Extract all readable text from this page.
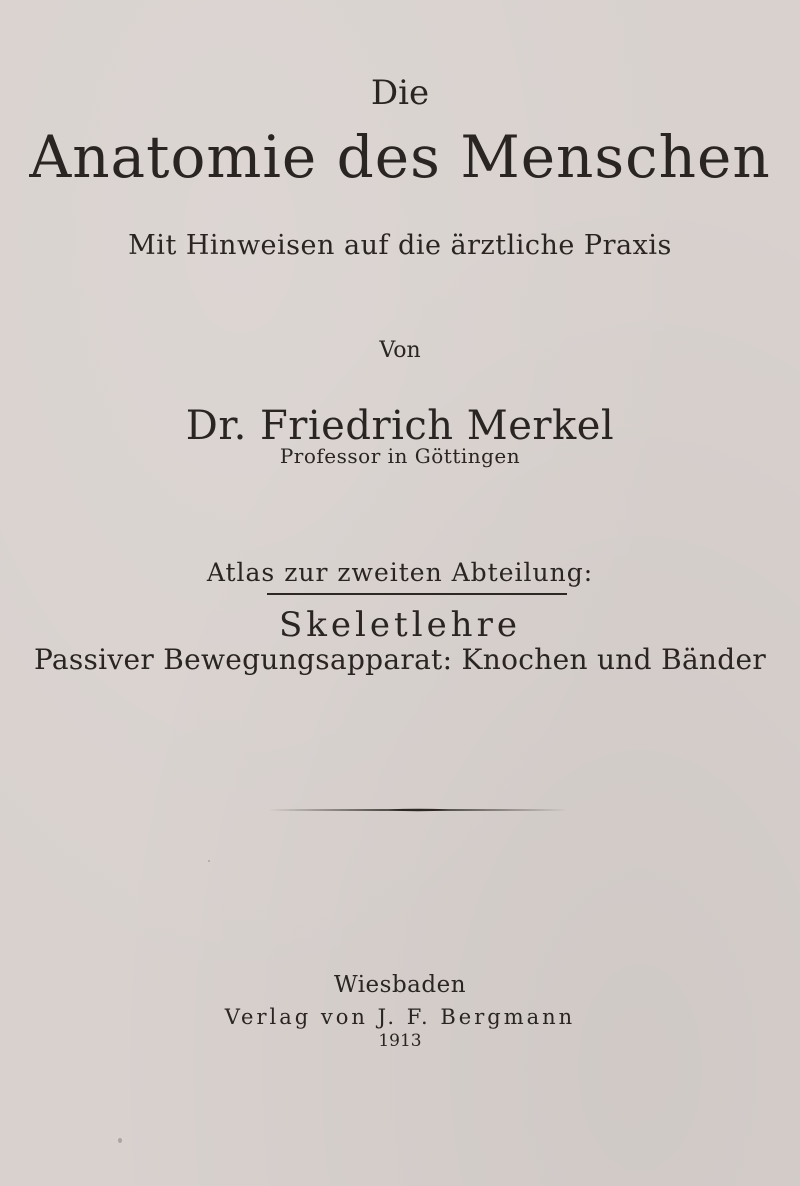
Die
Anatomie des Menschen
Mit Hinweisen auf die ärztliche Praxis
Von
Dr. Friedrich Merkel
Professor in Göttingen
Atlas zur zweiten Abteilung:
Skeletlehre
Passiver Bewegungsapparat: Knochen und Bänder
Wiesbaden
Verlag von J. F. Bergmann
1913
